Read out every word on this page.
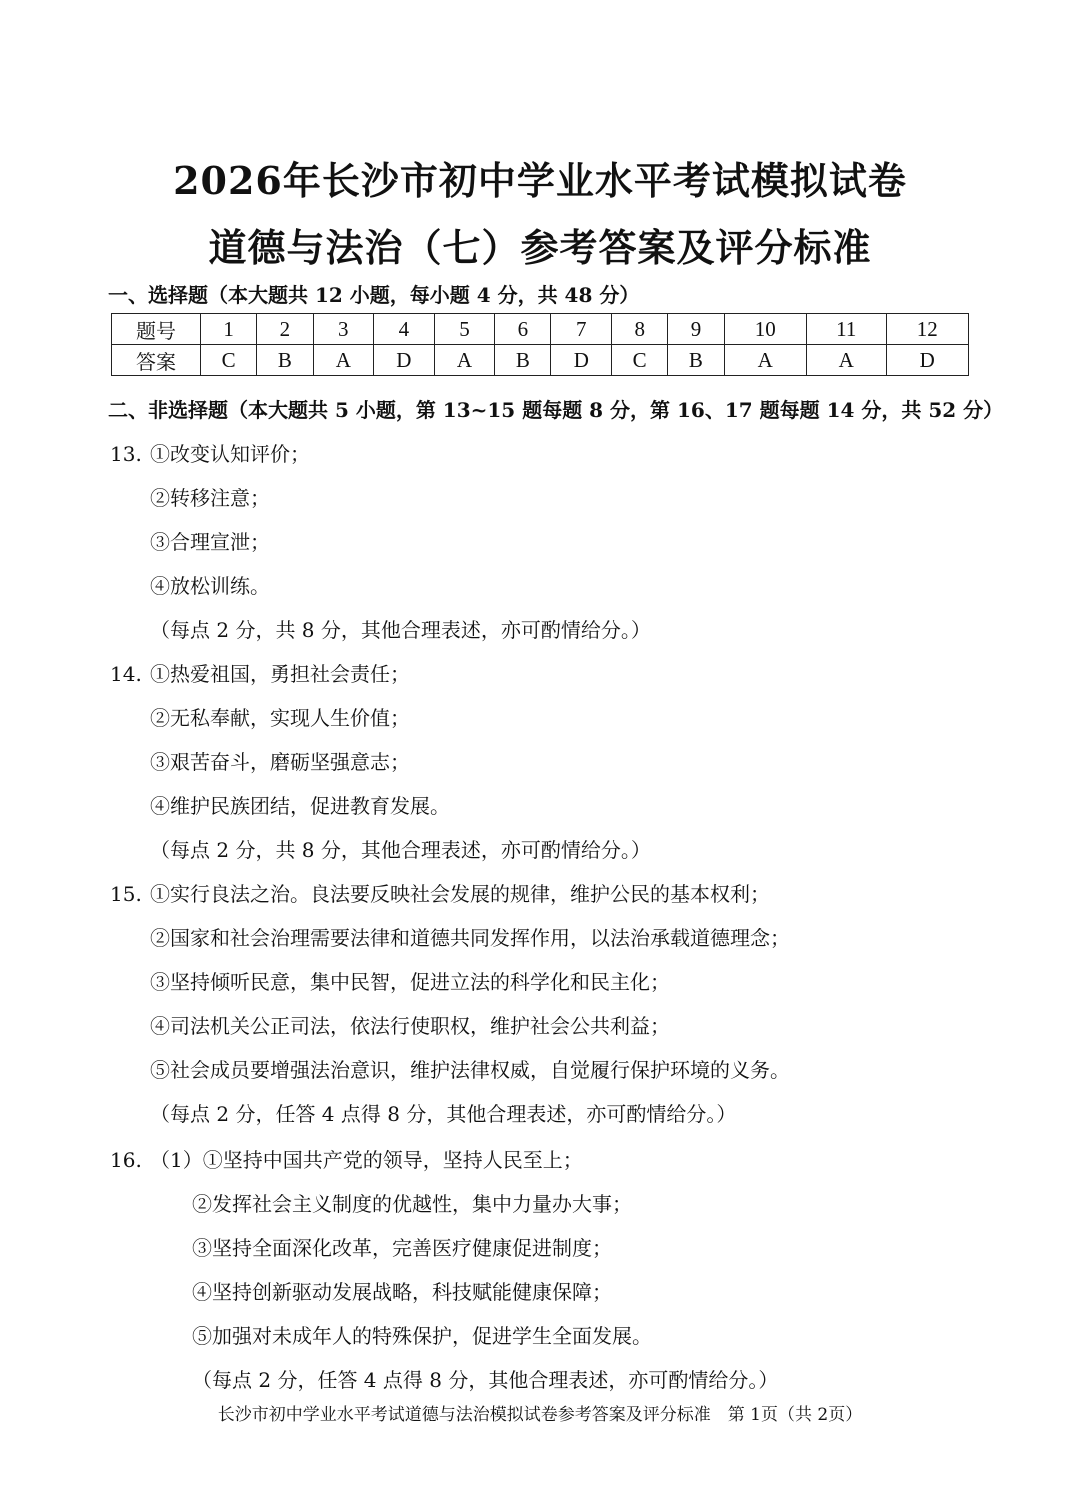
2026年长沙市初中学业水平考试模拟试卷
道德与法治（七）参考答案及评分标准
一、选择题（本大题共 12 小题，每小题 4 分，共 48 分）
题号	1	2	3	4	5	6	7	8	9	10	11	12
答案	C	B	A	D	A	B	D	C	B	A	A	D
二、非选择题（本大题共 5 小题，第 13~15 题每题 8 分，第 16、17 题每题 14 分，共 52 分）
13. ①改变认知评价；
②转移注意；
③合理宣泄；
④放松训练。
（每点 2 分，共 8 分，其他合理表述，亦可酌情给分。）
14. ①热爱祖国，勇担社会责任；
②无私奉献，实现人生价值；
③艰苦奋斗，磨砺坚强意志；
④维护民族团结，促进教育发展。
（每点 2 分，共 8 分，其他合理表述，亦可酌情给分。）
15. ①实行良法之治。良法要反映社会发展的规律，维护公民的基本权利；
②国家和社会治理需要法律和道德共同发挥作用，以法治承载道德理念；
③坚持倾听民意，集中民智，促进立法的科学化和民主化；
④司法机关公正司法，依法行使职权，维护社会公共利益；
⑤社会成员要增强法治意识，维护法律权威，自觉履行保护环境的义务。
（每点 2 分，任答 4 点得 8 分，其他合理表述，亦可酌情给分。）
16. （1）①坚持中国共产党的领导，坚持人民至上；
②发挥社会主义制度的优越性，集中力量办大事；
③坚持全面深化改革，完善医疗健康促进制度；
④坚持创新驱动发展战略，科技赋能健康保障；
⑤加强对未成年人的特殊保护，促进学生全面发展。
（每点 2 分，任答 4 点得 8 分，其他合理表述，亦可酌情给分。）
长沙市初中学业水平考试道德与法治模拟试卷参考答案及评分标准　第 1页（共 2页）
